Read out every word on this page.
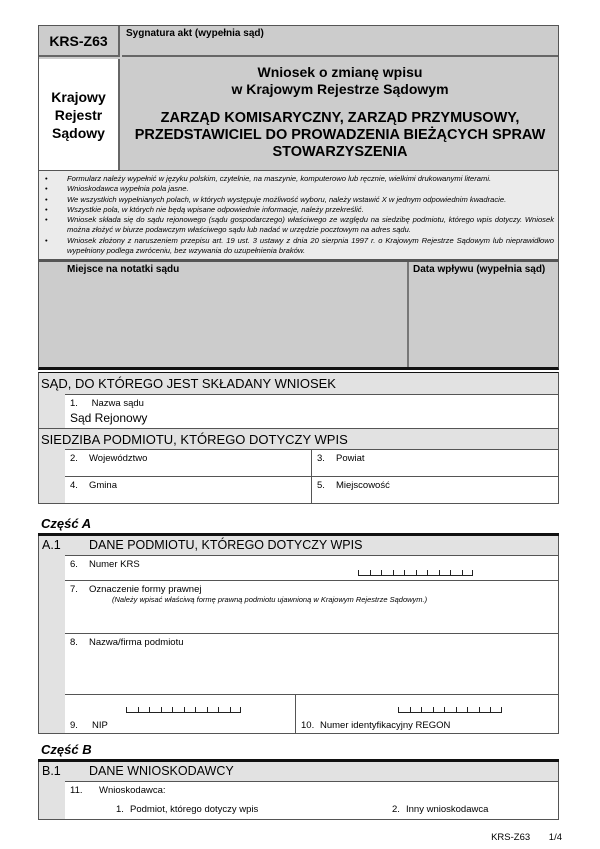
KRS-Z63	Sygnatura akt (wypełnia sąd)
Krajowy
Rejestr
Sądowy
Wniosek o zmianę wpisu
w Krajowym Rejestrze Sądowym
ZARZĄD KOMISARYCZNY, ZARZĄD PRZYMUSOWY,
PRZEDSTAWICIEL DO PROWADZENIA BIEŻĄCYCH SPRAW
STOWARZYSZENIA
• Formularz należy wypełnić w języku polskim, czytelnie, na maszynie, komputerowo lub ręcznie, wielkimi drukowanymi literami.
• Wnioskodawca wypełnia pola jasne.
• We wszystkich wypełnianych polach, w których występuje możliwość wyboru, należy wstawić X w jednym odpowiednim kwadracie.
• Wszystkie pola, w których nie będą wpisane odpowiednie informacje, należy przekreślić.
• Wniosek składa się do sądu rejonowego (sądu gospodarczego) właściwego ze względu na siedzibę podmiotu, którego wpis dotyczy. Wniosek można złożyć w biurze podawczym właściwego sądu lub nadać w urzędzie pocztowym na adres sądu.
• Wniosek złożony z naruszeniem przepisu art. 19 ust. 3 ustawy z dnia 20 sierpnia 1997 r. o Krajowym Rejestrze Sądowym lub nieprawidłowo wypełniony podlega zwróceniu, bez wzywania do uzupełnienia braków.
Miejsce na notatki sądu	Data wpływu (wypełnia sąd)
SĄD, DO KTÓREGO JEST SKŁADANY WNIOSEK
1. Nazwa sądu
Sąd Rejonowy
SIEDZIBA PODMIOTU, KTÓREGO DOTYCZY WPIS
2. Województwo	3. Powiat
4. Gmina	5. Miejscowość
Część A
A.1	DANE PODMIOTU, KTÓREGO DOTYCZY WPIS
6. Numer KRS
7. Oznaczenie formy prawnej
(Należy wpisać właściwą formę prawną podmiotu ujawnioną w Krajowym Rejestrze Sądowym.)
8. Nazwa/firma podmiotu
9. NIP	10. Numer identyfikacyjny REGON
Część B
B.1	DANE WNIOSKODAWCY
11. Wnioskodawca:
1. Podmiot, którego dotyczy wpis	2. Inny wnioskodawca
KRS-Z63 1/4
